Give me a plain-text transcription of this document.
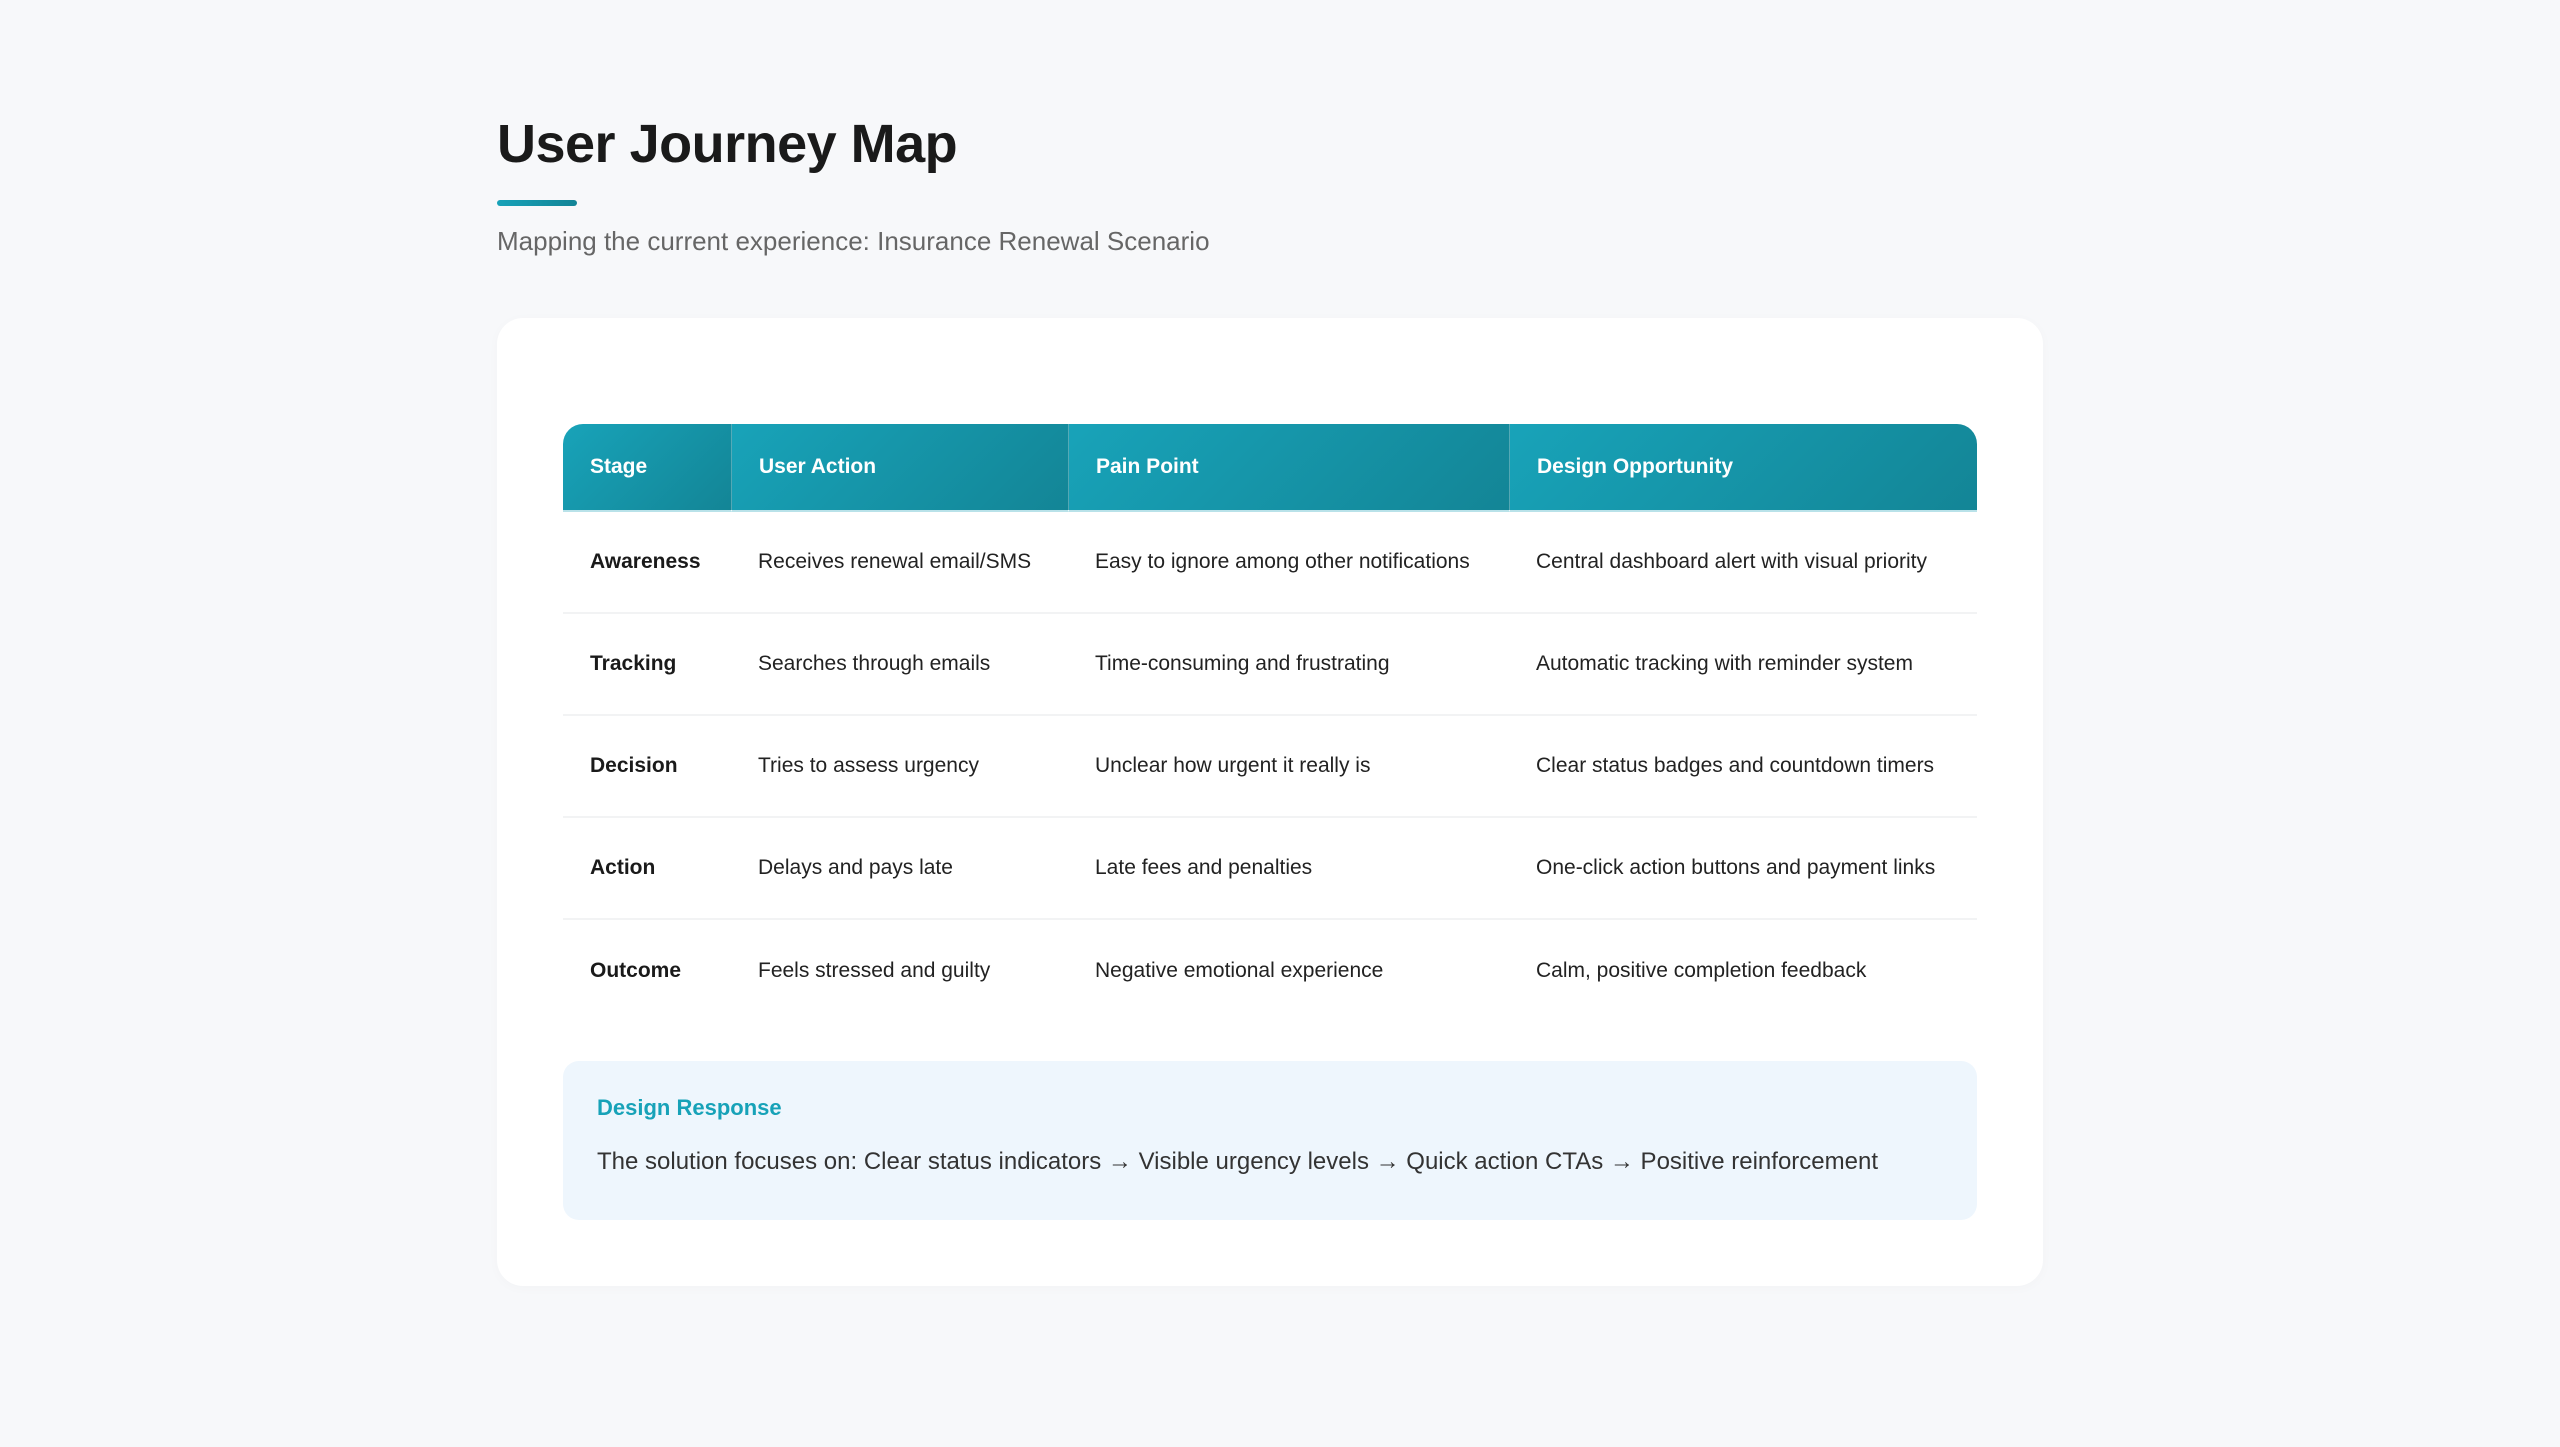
User Journey Map

Mapping the current experience: Insurance Renewal Scenario

Stage	User Action	Pain Point	Design Opportunity
Awareness	Receives renewal email/SMS	Easy to ignore among other notifications	Central dashboard alert with visual priority
Tracking	Searches through emails	Time-consuming and frustrating	Automatic tracking with reminder system
Decision	Tries to assess urgency	Unclear how urgent it really is	Clear status badges and countdown timers
Action	Delays and pays late	Late fees and penalties	One-click action buttons and payment links
Outcome	Feels stressed and guilty	Negative emotional experience	Calm, positive completion feedback
Design Response
The solution focuses on: Clear status indicators → Visible urgency levels → Quick action CTAs → Positive reinforcement
